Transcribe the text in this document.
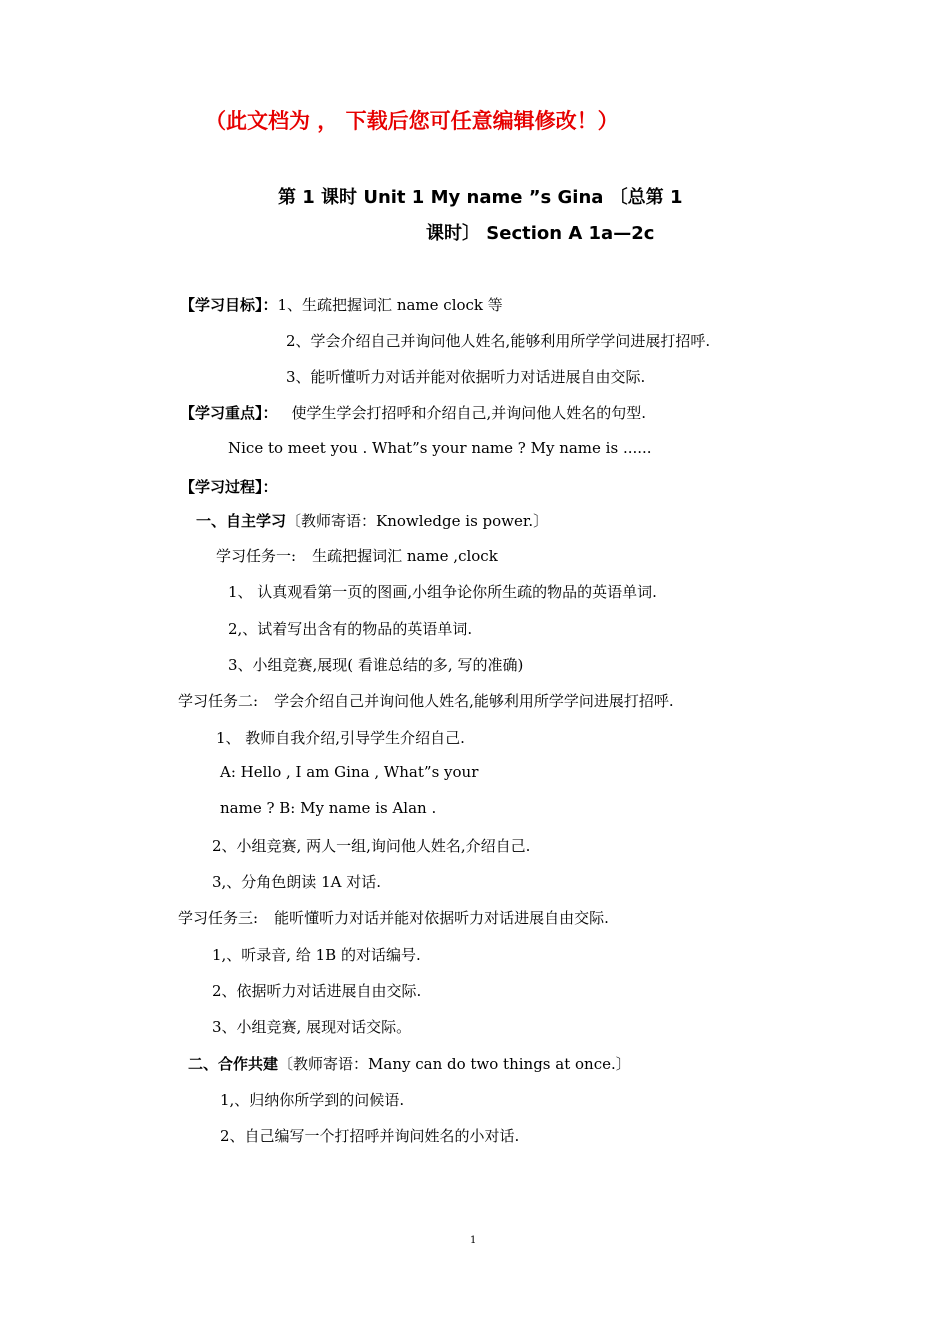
（此文档为 ， 下载后您可任意编辑修改！）
第 1 课时 Unit 1 My name ”s Gina 〔总第 1
课时〕 Section A 1a—2c
【学习目标】：1、生疏把握词汇 name clock 等
2、学会介绍自己并询问他人姓名,能够利用所学学问进展打招呼.
3、能听懂听力对话并能对依据听力对话进展自由交际.
【学习重点】： 使学生学会打招呼和介绍自己,并询问他人姓名的句型.
Nice to meet you . What”s your name ? My name is ......
【学习过程】：
一、自主学习〔教师寄语：Knowledge is power.〕
学习任务一: 生疏把握词汇 name ,clock
1、 认真观看第一页的图画,小组争论你所生疏的物品的英语单词.
2,、试着写出含有的物品的英语单词.
3、小组竞赛,展现( 看谁总结的多, 写的准确)
学习任务二: 学会介绍自己并询问他人姓名,能够利用所学学问进展打招呼.
1、 教师自我介绍,引导学生介绍自己.
A: Hello , I am Gina , What”s your
name ? B: My name is Alan .
2、小组竞赛, 两人一组,询问他人姓名,介绍自己.
3,、分角色朗读 1A 对话.
学习任务三: 能听懂听力对话并能对依据听力对话进展自由交际.
1,、听录音, 给 1B 的对话编号.
2、依据听力对话进展自由交际.
3、小组竞赛, 展现对话交际。
二、合作共建〔教师寄语：Many can do two things at once.〕
1,、归纳你所学到的问候语.
2、自己编写一个打招呼并询问姓名的小对话.
1
